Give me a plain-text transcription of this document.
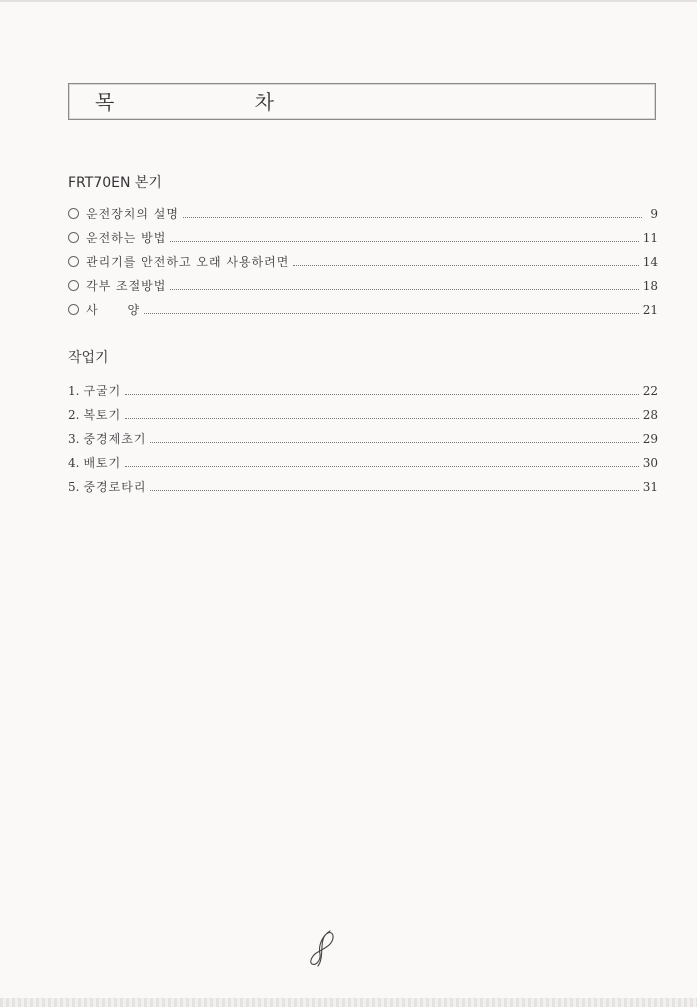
목 차
FRT70EN 본기
운전장치의 설명	9
운전하는 방법	11
관리기를 안전하고 오래 사용하려면	14
각부 조절방법	18
사      양	21
작업기
1. 구굴기	22
2. 복토기	28
3. 중경제초기	29
4. 배토기	30
5. 중경로타리	31
